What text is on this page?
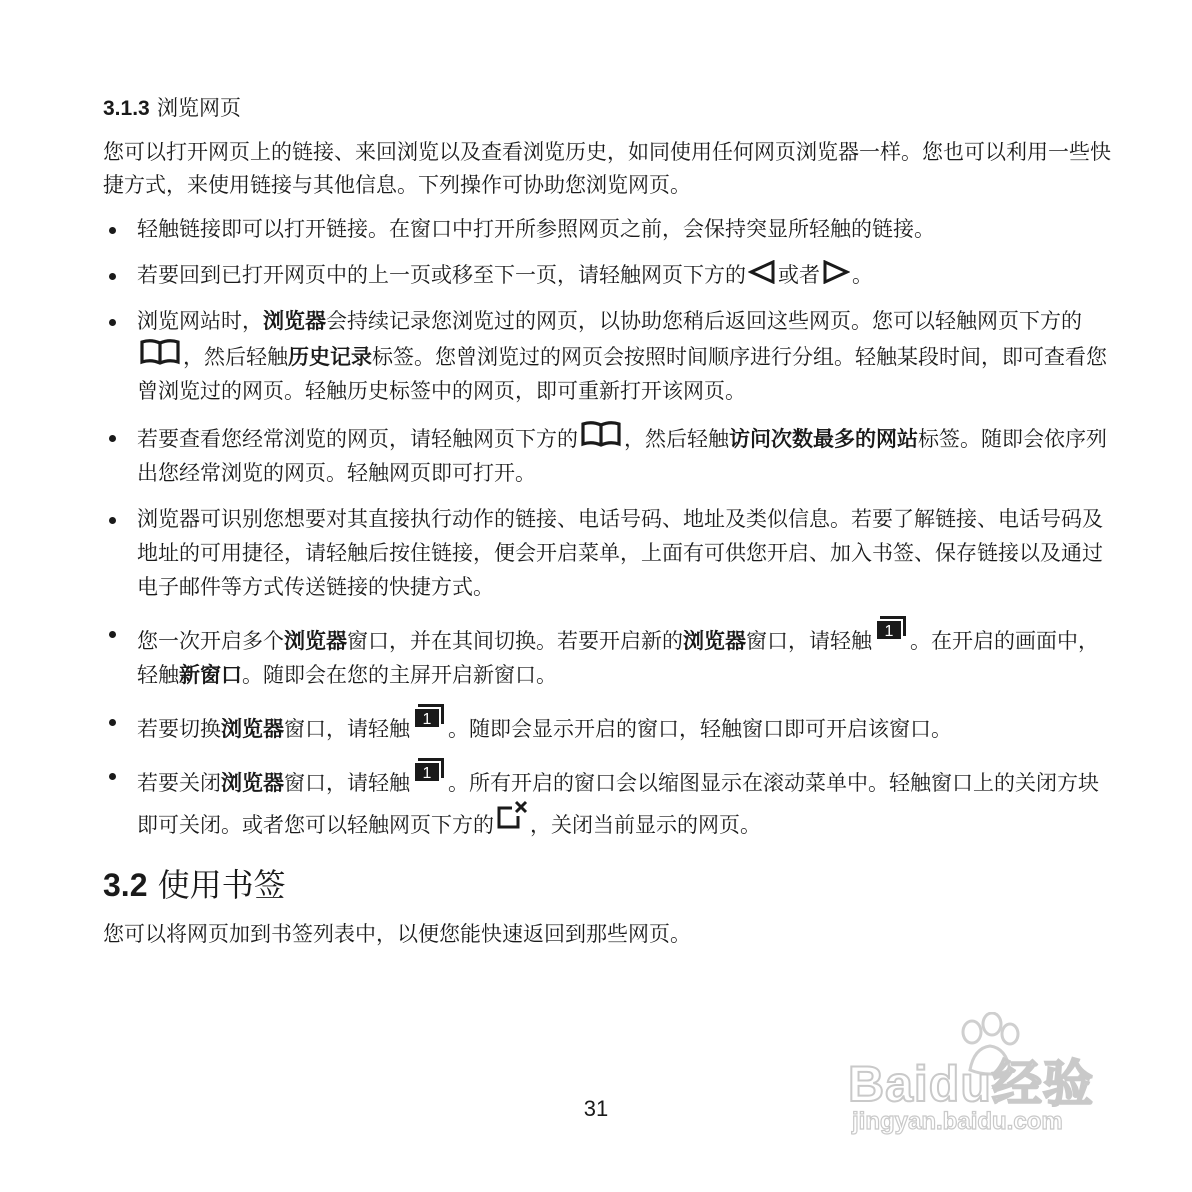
3.1.3 浏览网页

您可以打开网页上的链接、来回浏览以及查看浏览历史，如同使用任何网页浏览器一样。您也可以利用一些快捷方式，来使用链接与其他信息。下列操作可协助您浏览网页。

轻触链接即可以打开链接。在窗口中打开所参照网页之前，会保持突显所轻触的链接。
若要回到已打开网页中的上一页或移至下一页，请轻触网页下方的 或者 。
浏览网站时，浏览器会持续记录您浏览过的网页，以协助您稍后返回这些网页。您可以轻触网页下方的
，然后轻触历史记录标签。您曾浏览过的网页会按照时间顺序进行分组。轻触某段时间，即可查看您曾浏览过的网页。轻触历史标签中的网页，即可重新打开该网页。
若要查看您经常浏览的网页，请轻触网页下方的 ，然后轻触访问次数最多的网站标签。随即会依序列出您经常浏览的网页。轻触网页即可打开。
浏览器可识别您想要对其直接执行动作的链接、电话号码、地址及类似信息。若要了解链接、电话号码及地址的可用捷径，请轻触后按住链接，便会开启菜单，上面有可供您开启、加入书签、保存链接以及通过电子邮件等方式传送链接的快捷方式。
您一次开启多个浏览器窗口，并在其间切换。若要开启新的浏览器窗口，请轻触 1 。在开启的画面中，轻触新窗口。随即会在您的主屏开启新窗口。
若要切换浏览器窗口，请轻触 1 。随即会显示开启的窗口，轻触窗口即可开启该窗口。
若要关闭浏览器窗口，请轻触 1 。所有开启的窗口会以缩图显示在滚动菜单中。轻触窗口上的关闭方块即可关闭。或者您可以轻触网页下方的 ，关闭当前显示的网页。
3.2 使用书签

您可以将网页加到书签列表中，以便您能快速返回到那些网页。

31	Baidu经验
jingyan.baidu.com
